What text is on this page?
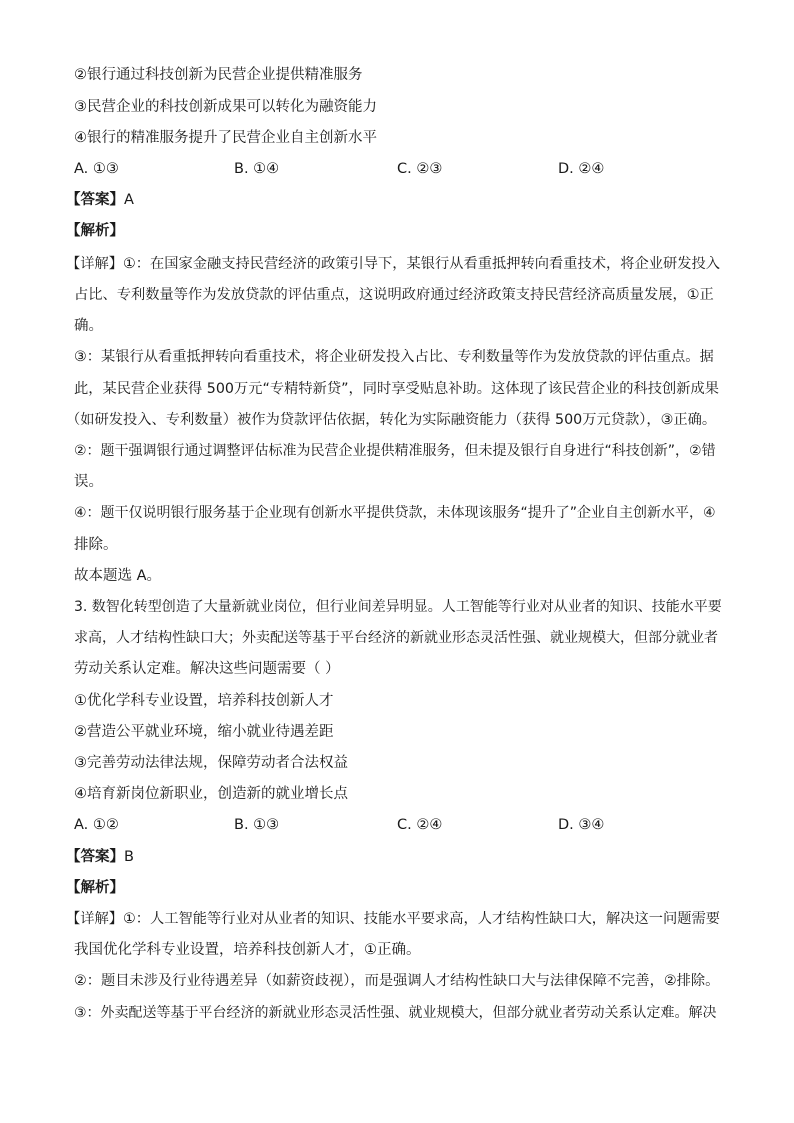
②银行通过科技创新为民营企业提供精准服务
③民营企业的科技创新成果可以转化为融资能力
④银行的精准服务提升了民营企业自主创新水平
A. ①③	B. ①④	C. ②③	D. ②④
【答案】A
【解析】
【详解】①：在国家金融支持民营经济的政策引导下，某银行从看重抵押转向看重技术，将企业研发投入
占比、专利数量等作为发放贷款的评估重点，这说明政府通过经济政策支持民营经济高质量发展，①正
确。
③：某银行从看重抵押转向看重技术，将企业研发投入占比、专利数量等作为发放贷款的评估重点。据
此，某民营企业获得 500万元“专精特新贷”，同时享受贴息补助。这体现了该民营企业的科技创新成果
（如研发投入、专利数量）被作为贷款评估依据，转化为实际融资能力（获得 500万元贷款），③正确。
②：题干强调银行通过调整评估标准为民营企业提供精准服务，但未提及银行自身进行“科技创新”，②错
误。
④：题干仅说明银行服务基于企业现有创新水平提供贷款，未体现该服务“提升了”企业自主创新水平，④
排除。
故本题选 A。
3. 数智化转型创造了大量新就业岗位，但行业间差异明显。人工智能等行业对从业者的知识、技能水平要
求高，人才结构性缺口大；外卖配送等基于平台经济的新就业形态灵活性强、就业规模大，但部分就业者
劳动关系认定难。解决这些问题需要（ ）
①优化学科专业设置，培养科技创新人才
②营造公平就业环境，缩小就业待遇差距
③完善劳动法律法规，保障劳动者合法权益
④培育新岗位新职业，创造新的就业增长点
A. ①②	B. ①③	C. ②④	D. ③④
【答案】B
【解析】
【详解】①：人工智能等行业对从业者的知识、技能水平要求高，人才结构性缺口大，解决这一问题需要
我国优化学科专业设置，培养科技创新人才，①正确。
②：题目未涉及行业待遇差异（如薪资歧视），而是强调人才结构性缺口大与法律保障不完善，②排除。
③：外卖配送等基于平台经济的新就业形态灵活性强、就业规模大，但部分就业者劳动关系认定难。解决
